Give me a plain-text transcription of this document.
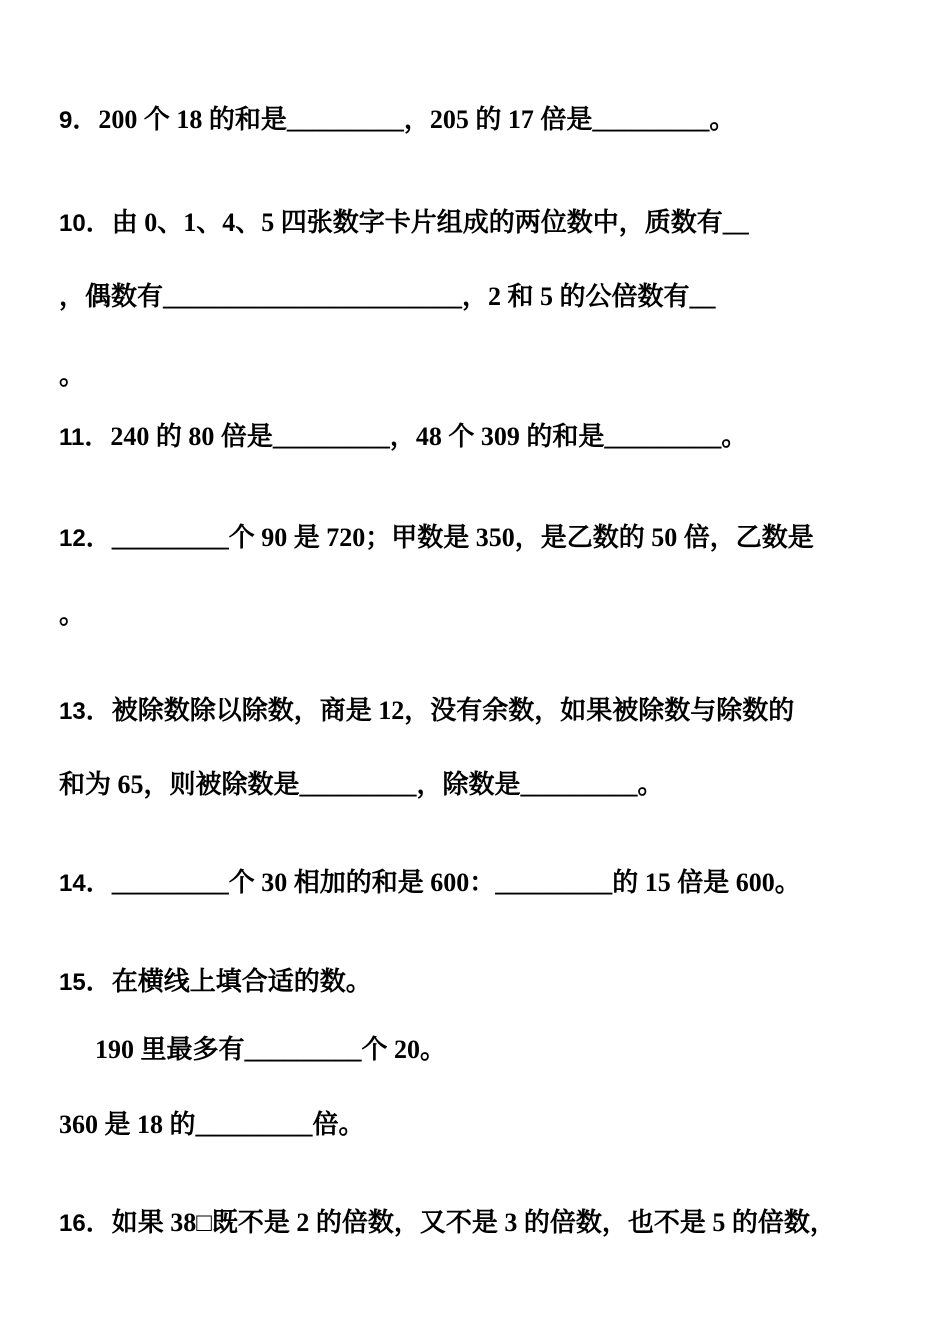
9．200 个 18 的和是_________，205 的 17 倍是_________。
10．由 0、1、4、5 四张数字卡片组成的两位数中，质数有__
，偶数有_______________________，2 和 5 的公倍数有__
。
11．240 的 80 倍是_________，48 个 309 的和是_________。
12．_________个 90 是 720；甲数是 350，是乙数的 50 倍，乙数是
。
13．被除数除以除数，商是 12，没有余数，如果被除数与除数的
和为 65，则被除数是_________，除数是_________。
14．_________个 30 相加的和是 600：_________的 15 倍是 600。
15．在横线上填合适的数。
190 里最多有_________个 20。
360 是 18 的_________倍。
16．如果 38□既不是 2 的倍数，又不是 3 的倍数，也不是 5 的倍数，
